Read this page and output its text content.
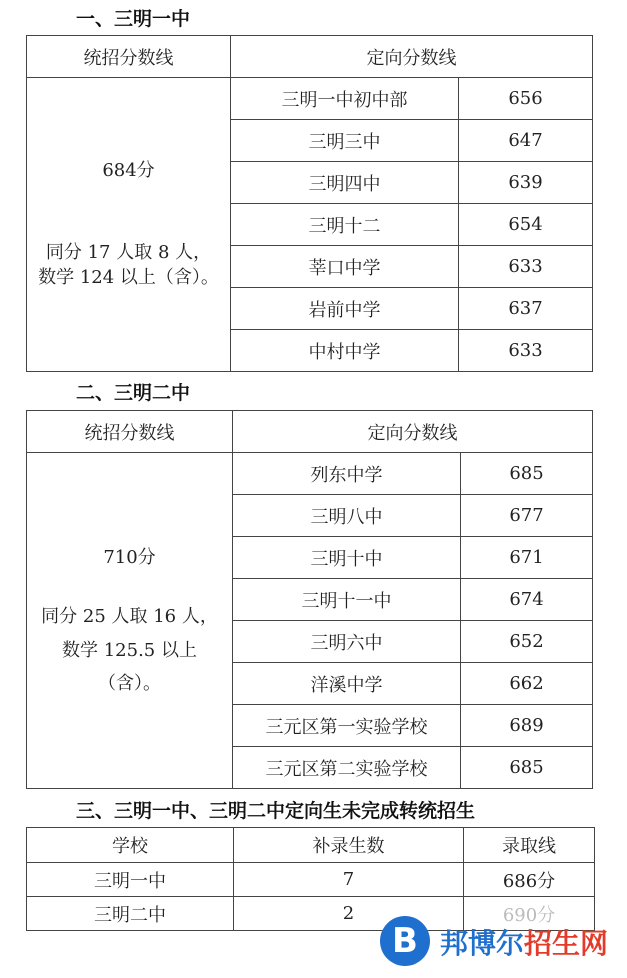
一、三明一中
统招分数线	定向分数线	

684分
同分 17 人取 8 人，
数学 124 以上（含）。	三明一中初中部	656
	三明三中	647
	三明四中	639
	三明十二	654
	莘口中学	633
	岩前中学	637
	中村中学	633
二、三明二中
统招分数线	定向分数线	

710分
同分 25 人取 16 人，
数学 125.5 以上
（含）。	列东中学	685
	三明八中	677
	三明十中	671
	三明十一中	674
	三明六中	652
	洋溪中学	662
	三元区第一实验学校	689
	三元区第二实验学校	685
三、三明一中、三明二中定向生未完成转统招生
学校	补录生数	录取线
三明一中	7	686分
三明二中	2	690分
B 邦博尔招生网
